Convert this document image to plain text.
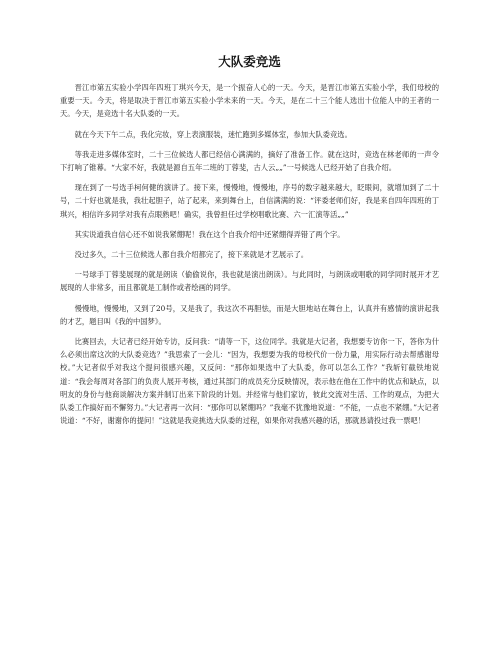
大队委竞选

晋江市第五实验小学四年四班丁琪兴今天，是一个振奋人心的一天。今天，是晋江市第五实验小学，我们母校的重要一天。今天，将是取决于晋江市第五实验小学未来的一天。今天，是在二十三个能人选出十位能人中的王者的一天。今天，是竞选十名大队委的一天。

就在今天下午二点，我化完妆，穿上表演服装，迷忙跑到多媒体室，参加大队委竞选。

等我走进多媒体室时，二十三位候选人都已经信心满满的，摘好了准备工作。就在这时，竞选在林老师的一声令下打响了锥幕。“大家不好，我就是源自五年二班的丁蓉斐，古人云„„”一号候选人已经开始了自我介绍。

现在到了一号选手柯何健的演讲了。接下来，慢慢地，慢慢地，序号的数字越来越大，眨眼间，就增加到了二十号，二十好也就是我，我壮起胆子，站了起来，来到舞台上，自信满满的说：“评委老师们好，我是来自四年四班的丁琪兴，相信许多同学对我有点眼熟吧！确实，我曾担任过学校唱歌比赛、六一汇演等活„„”

其实说道我自信心还不如说我紧绷呢！我在这个自我介绍中还紧绷得弄错了两个字。

没过多久，二十三位候选人都自我介绍都完了，接下来就是才艺展示了。

一号球手丁蓉斐展现的就是朗读（偷偷说你，我也就是演出朗读）。与此同时，与朗读或唱歌的同学同时展开才艺展现的人非常多，而且都就是工制作或者绘画的同学。

慢慢地，慢慢地，又到了20号，又是我了，我这次不再胆怯，而是大胆地站在舞台上，认真并有感情的演讲起我的才艺，题目叫《我的中国梦》。

比赛回去，大记者已经开始专访，反问我：“请等一下，这位同学。我就是大记者，我想要专访你一下，答你为什么必须出席这次的大队委竞选？”我思索了一会儿：“因为，我想要为我的母校代价一份力量，用实际行动去帮感谢母校。”大记者似乎对我这个提问很感兴趣，又反问：“那你如果选中了大队委，你可以怎么工作？”我斩钉截铁地说道：“我会每周对各部门的负责人展开考核，通过其部门的成员充分反映情况，表示他在他在工作中的优点和缺点，以明友的身份与他商谈解决方案并制订出来下阶段的计划。并经常与他们家访，彼此交流对生活、工作的观点，为把大队委工作搞好而不懈努力。”大记者再一次问：“那你可以紧绷吗？”我毫不犹豫地说道：“不能，一点也不紧绷。”大记者说道：“不好，谢谢你的提问！”这就是我竞挑选大队委的过程，如果你对我感兴趣的话，那就恳请投过我一票吧！
